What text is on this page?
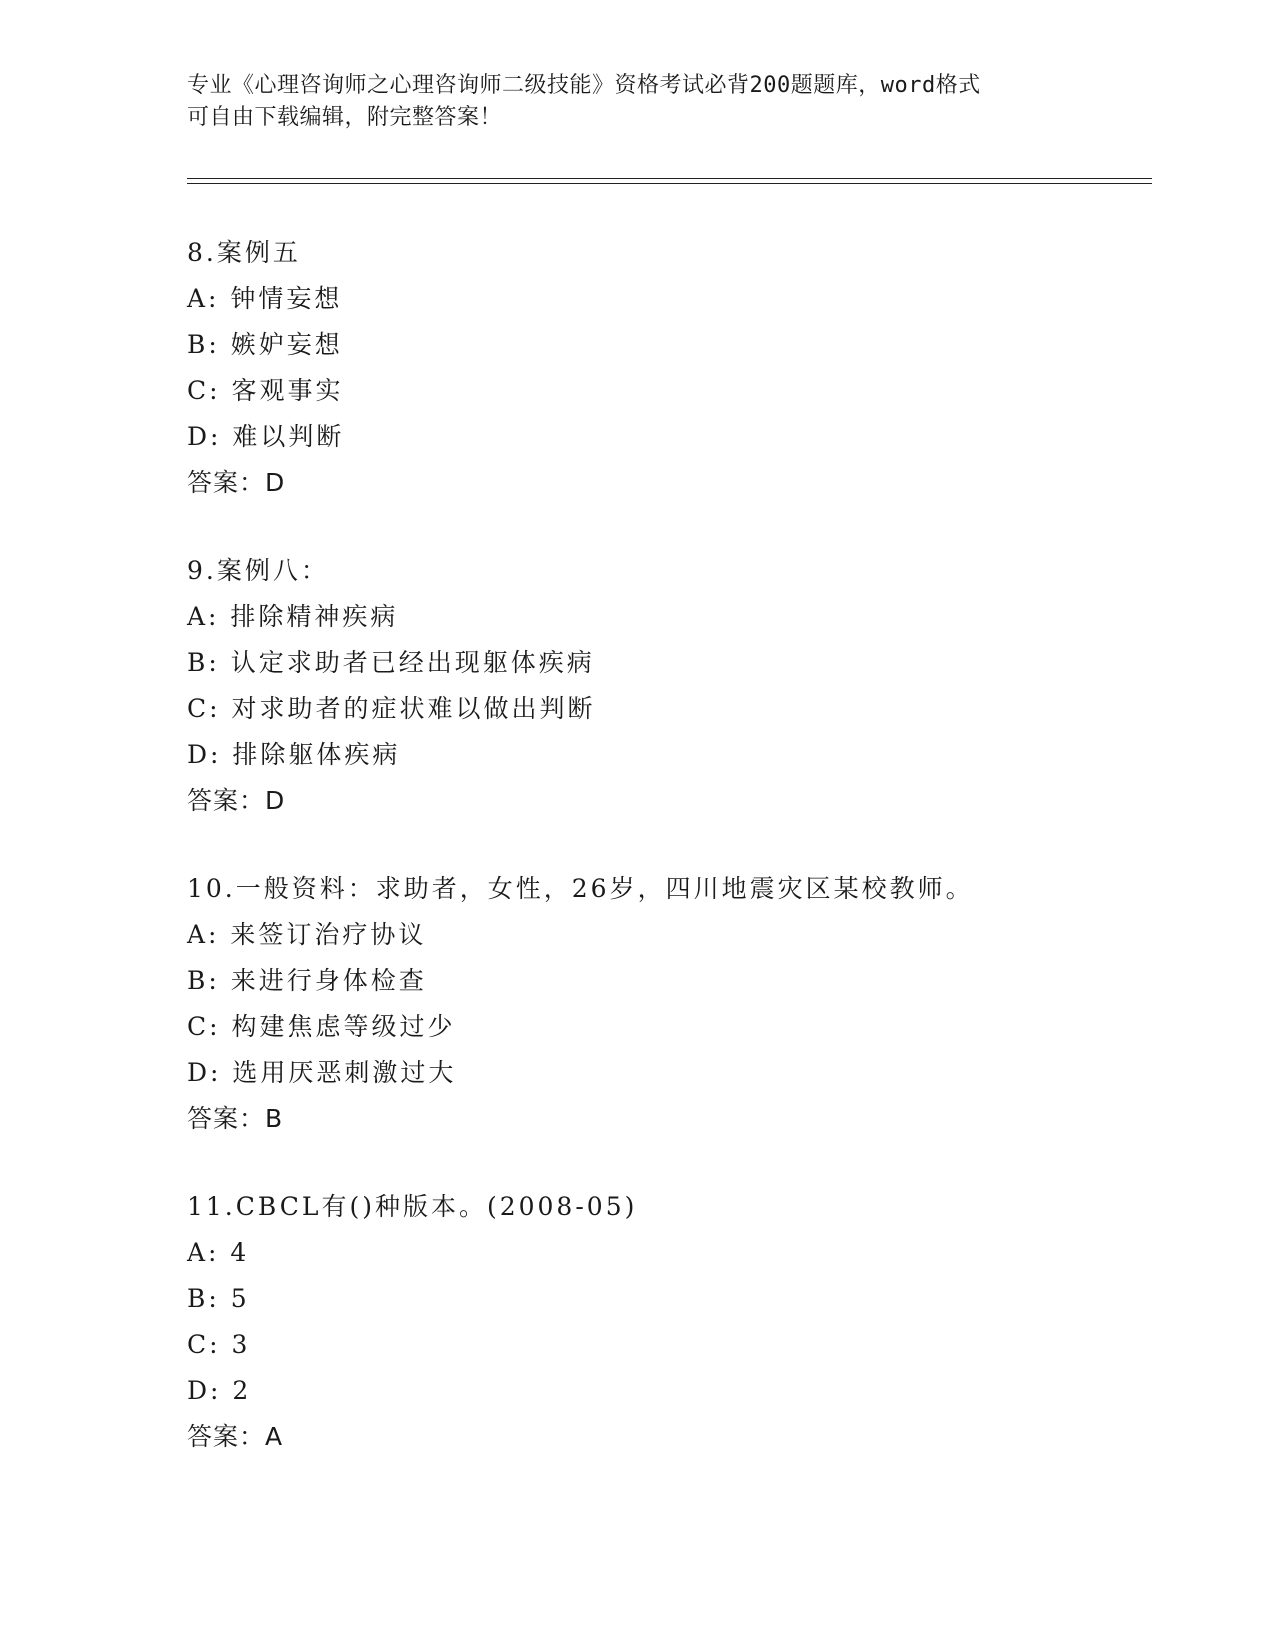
专业《心理咨询师之心理咨询师二级技能》资格考试必背200题题库，word格式
可自由下载编辑，附完整答案！
8.案例五
A: 钟情妄想
B: 嫉妒妄想
C: 客观事实
D: 难以判断
答案：D
9.案例八：
A: 排除精神疾病
B: 认定求助者已经出现躯体疾病
C: 对求助者的症状难以做出判断
D: 排除躯体疾病
答案：D
10.一般资料：求助者，女性，26岁，四川地震灾区某校教师。
A: 来签订治疗协议
B: 来进行身体检查
C: 构建焦虑等级过少
D: 选用厌恶刺激过大
答案：B
11.CBCL有()种版本。(2008-05)
A: 4
B: 5
C: 3
D: 2
答案：A
